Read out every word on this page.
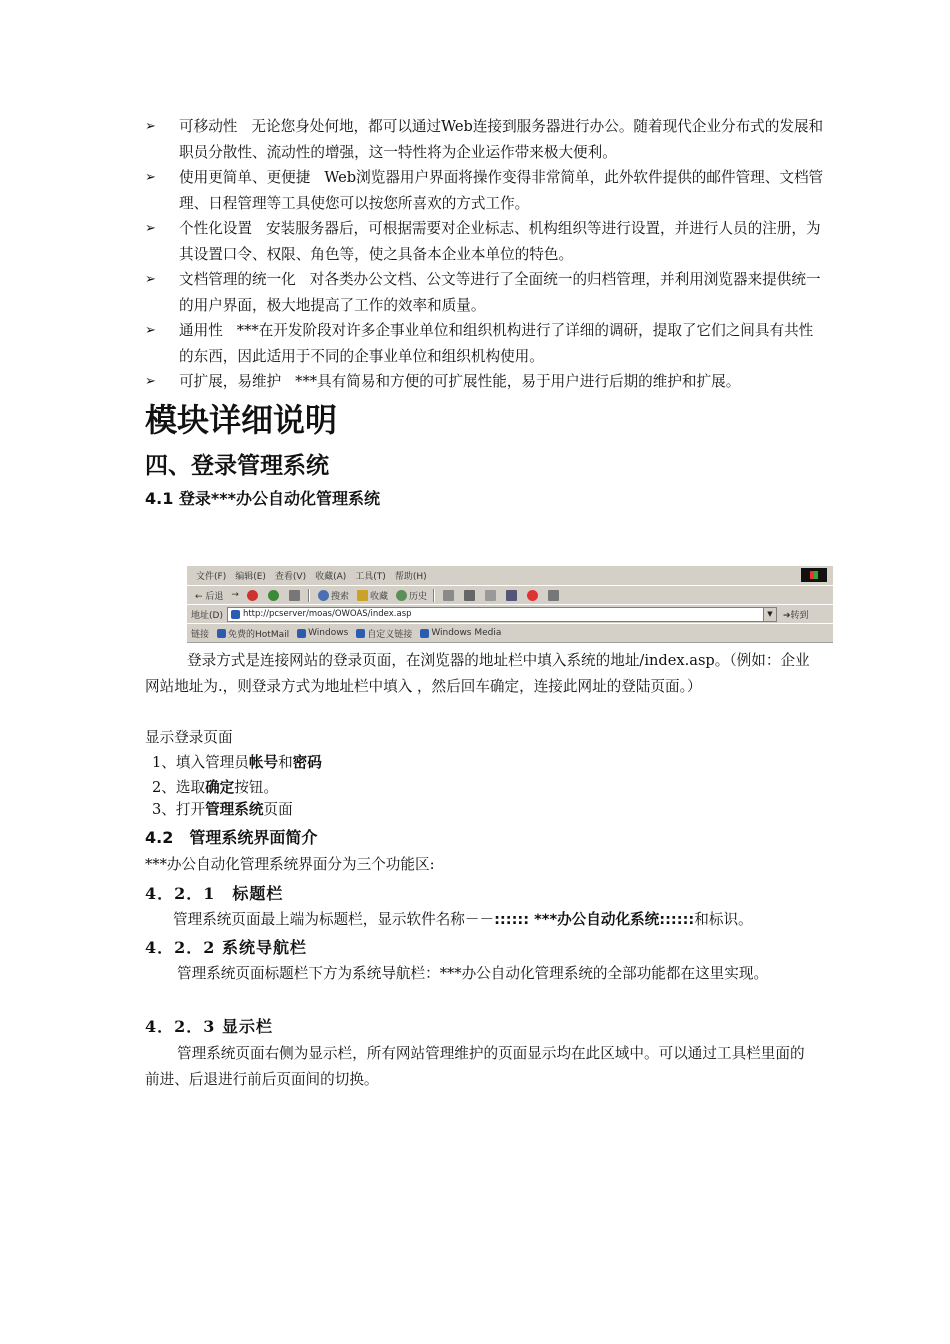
➢ 可移动性 无论您身处何地，都可以通过Web连接到服务器进行办公。随着现代企业分布式的发展和职员分散性、流动性的增强，这一特性将为企业运作带来极大便利。
➢ 使用更简单、更便捷 Web浏览器用户界面将操作变得非常简单，此外软件提供的邮件管理、文档管理、日程管理等工具使您可以按您所喜欢的方式工作。
➢ 个性化设置 安装服务器后，可根据需要对企业标志、机构组织等进行设置，并进行人员的注册，为其设置口令、权限、角色等，使之具备本企业本单位的特色。
➢ 文档管理的统一化 对各类办公文档、公文等进行了全面统一的归档管理，并利用浏览器来提供统一的用户界面，极大地提高了工作的效率和质量。
➢ 通用性 ***在开发阶段对许多企事业单位和组织机构进行了详细的调研，提取了它们之间具有共性的东西，因此适用于不同的企事业单位和组织机构使用。
➢ 可扩展，易维护 ***具有简易和方便的可扩展性能，易于用户进行后期的维护和扩展。
模块详细说明
四、登录管理系统
4.1 登录***办公自动化管理系统
文件(F) 编辑(E) 查看(V) 收藏(A) 工具(T) 帮助(H)
← 后退 →	搜索 收藏 历史
地址(D) http://pcserver/moas/OWOAS/index.asp	▼	➔转到
链接 免费的HotMail Windows 自定义链接 Windows Media

登录方式是连接网站的登录页面，在浏览器的地址栏中填入系统的地址/index.asp。（例如：企业网站地址为.，则登录方式为地址栏中填入 ，然后回车确定，连接此网址的登陆页面。）

显示登录页面

1、填入管理员帐号和密码

2、选取确定按钮。

3、打开管理系统页面

4.2　管理系统界面简介

***办公自动化管理系统界面分为三个功能区:

4．2．1　标题栏

管理系统页面最上端为标题栏，显示软件名称－－:::::: ***办公自动化系统::::::和标识。

4．2．2 系统导航栏

管理系统页面标题栏下方为系统导航栏：***办公自动化管理系统的全部功能都在这里实现。

4．2．3 显示栏

管理系统页面右侧为显示栏，所有网站管理维护的页面显示均在此区域中。可以通过工具栏里面的前进、后退进行前后页面间的切换。
